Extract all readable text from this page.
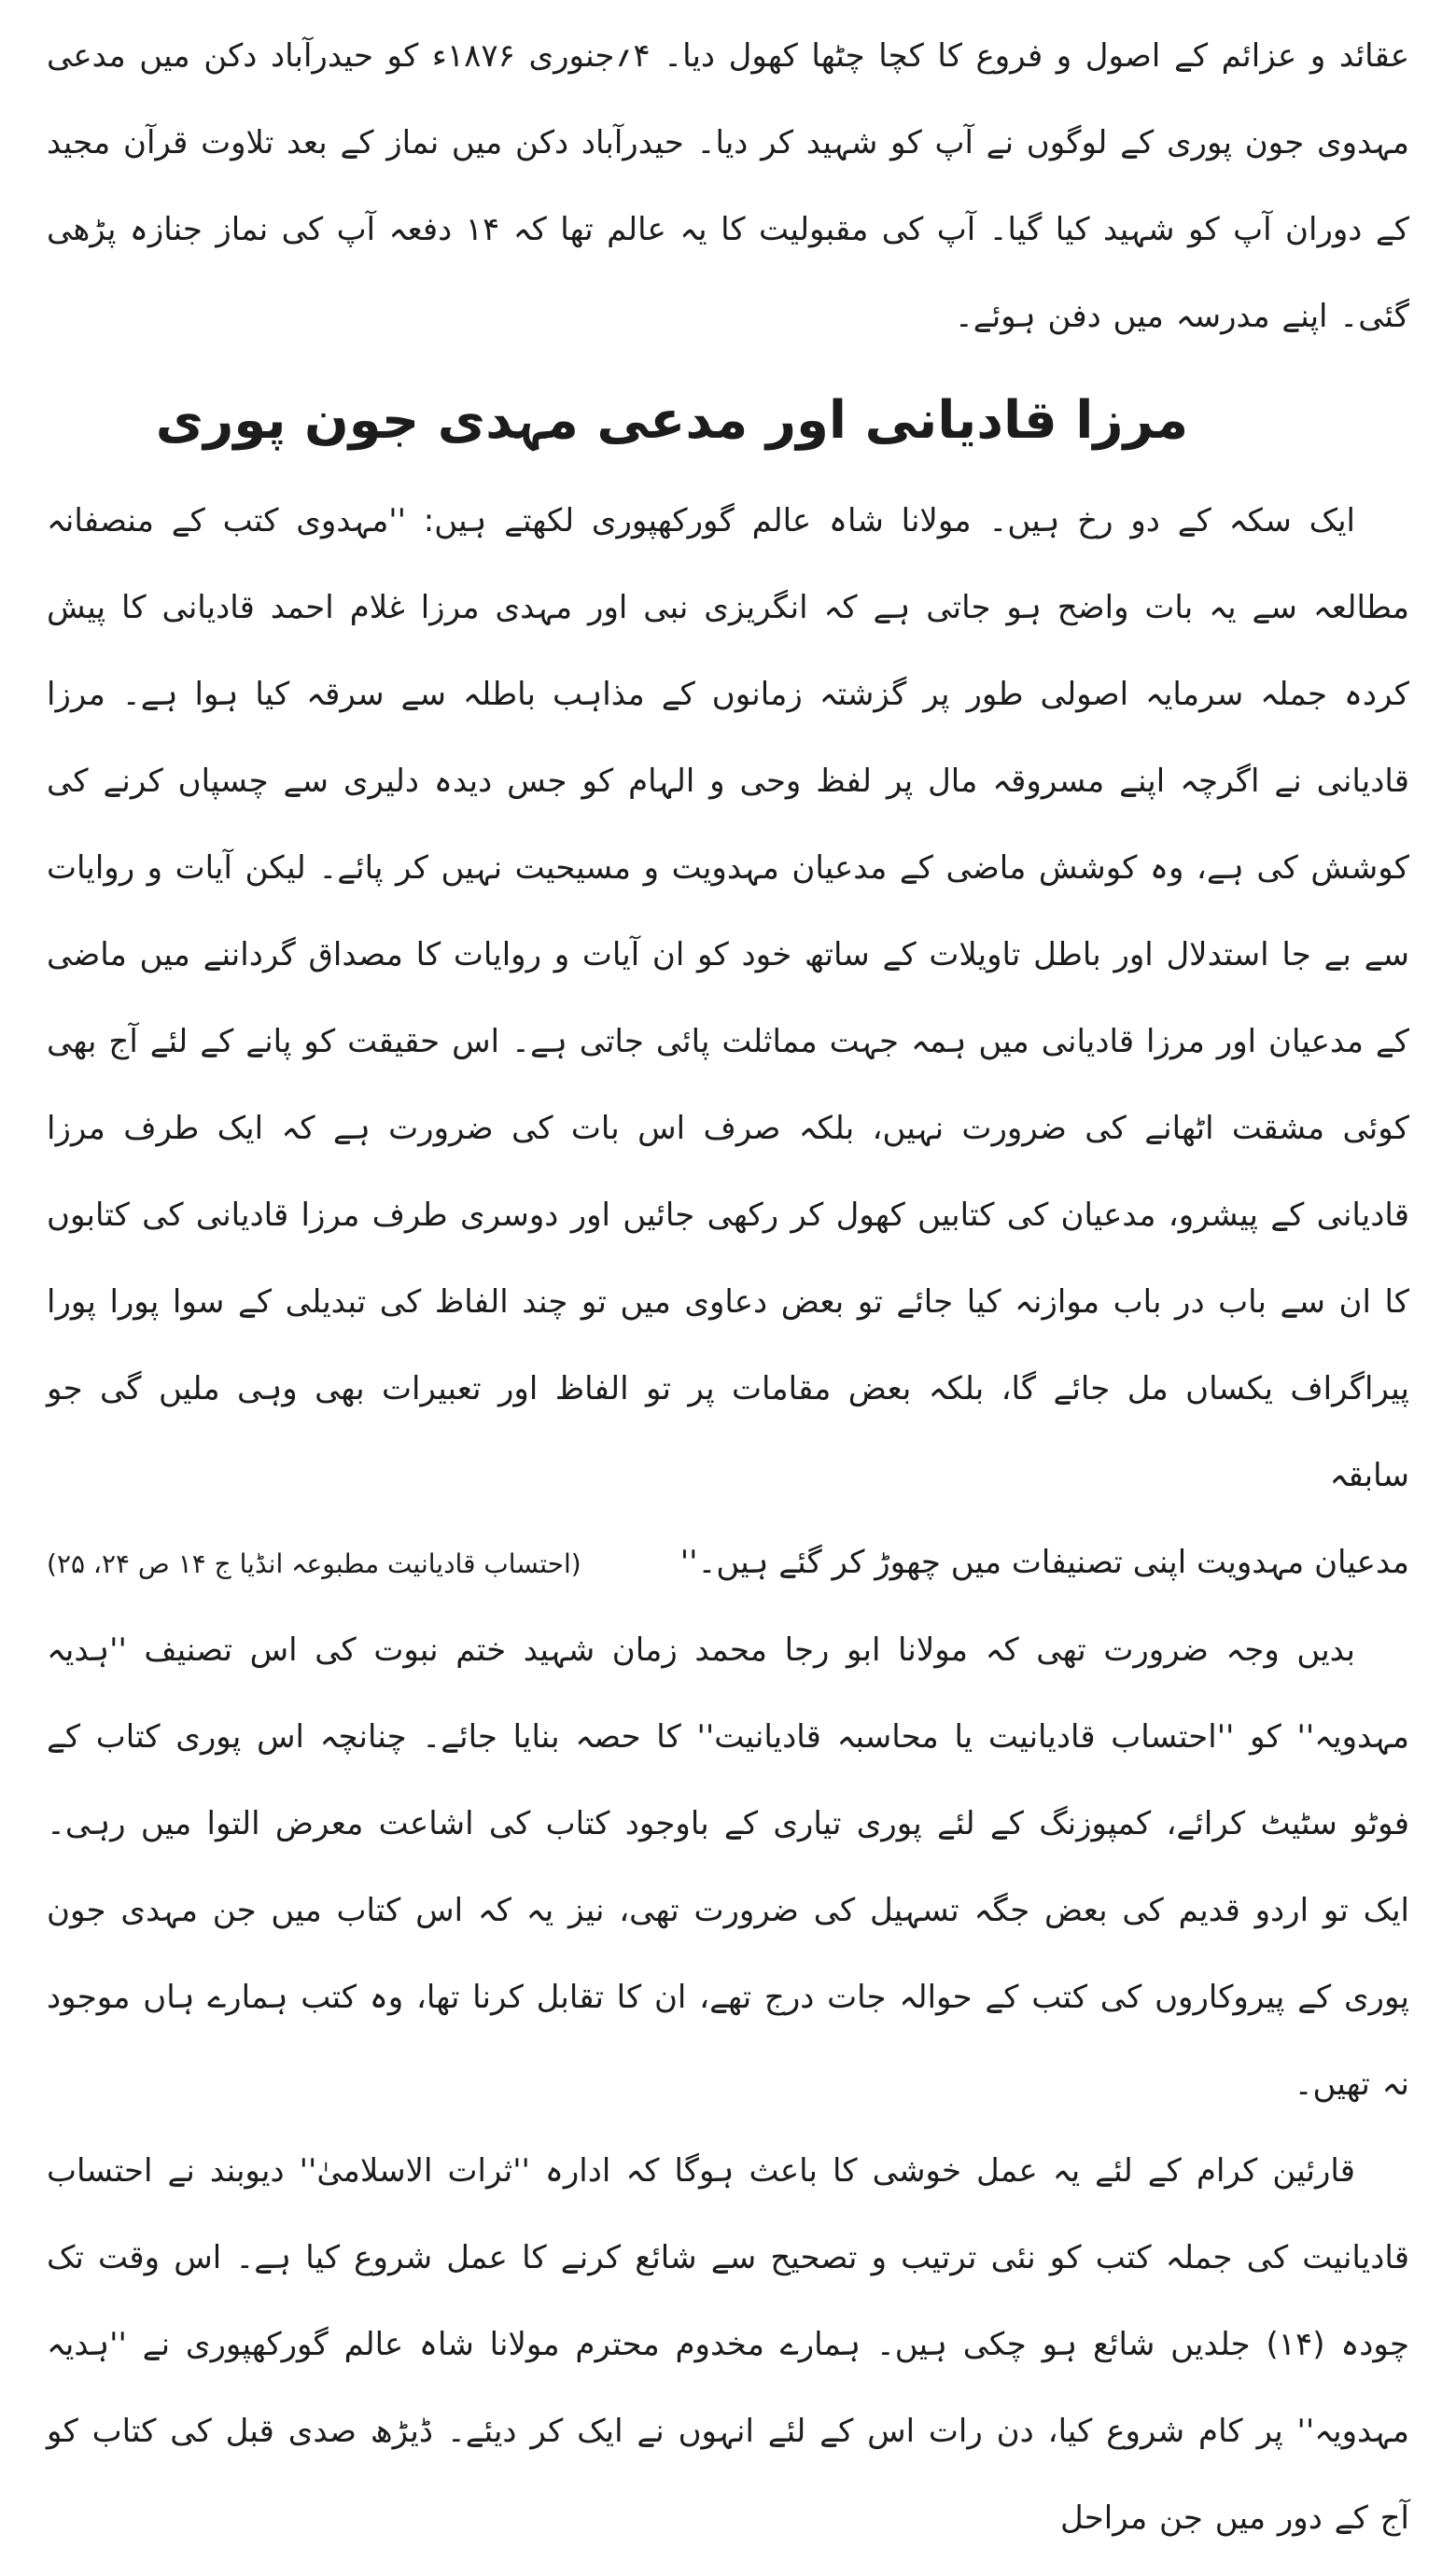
عقائد و عزائم کے اصول و فروع کا کچا چٹھا کھول دیا۔ ۴؍جنوری ۱۸۷۶ء کو حیدرآباد دکن میں مدعی مہدوی جون پوری کے لوگوں نے آپ کو شہید کر دیا۔ حیدرآباد دکن میں نماز کے بعد تلاوت قرآن مجید کے دوران آپ کو شہید کیا گیا۔ آپ کی مقبولیت کا یہ عالم تھا کہ ۱۴ دفعہ آپ کی نماز جنازہ پڑھی گئی۔ اپنے مدرسہ میں دفن ہوئے۔

مرزا قادیانی اور مدعی مہدی جون پوری

ایک سکہ کے دو رخ ہیں۔ مولانا شاہ عالم گورکھپوری لکھتے ہیں: ''مہدوی کتب کے منصفانہ مطالعہ سے یہ بات واضح ہو جاتی ہے کہ انگریزی نبی اور مہدی مرزا غلام احمد قادیانی کا پیش کردہ جملہ سرمایہ اصولی طور پر گزشتہ زمانوں کے مذاہب باطلہ سے سرقہ کیا ہوا ہے۔ مرزا قادیانی نے اگرچہ اپنے مسروقہ مال پر لفظ وحی و الہام کو جس دیدہ دلیری سے چسپاں کرنے کی کوشش کی ہے، وہ کوشش ماضی کے مدعیان مہدویت و مسیحیت نہیں کر پائے۔ لیکن آیات و روایات سے بے جا استدلال اور باطل تاویلات کے ساتھ خود کو ان آیات و روایات کا مصداق گرداننے میں ماضی کے مدعیان اور مرزا قادیانی میں ہمہ جہت مماثلت پائی جاتی ہے۔ اس حقیقت کو پانے کے لئے آج بھی کوئی مشقت اٹھانے کی ضرورت نہیں، بلکہ صرف اس بات کی ضرورت ہے کہ ایک طرف مرزا قادیانی کے پیشرو، مدعیان کی کتابیں کھول کر رکھی جائیں اور دوسری طرف مرزا قادیانی کی کتابوں کا ان سے باب در باب موازنہ کیا جائے تو بعض دعاوی میں تو چند الفاظ کی تبدیلی کے سوا پورا پورا پیراگراف یکساں مل جائے گا، بلکہ بعض مقامات پر تو الفاظ اور تعبیرات بھی وہی ملیں گی جو سابقہ

مدعیان مہدویت اپنی تصنیفات میں چھوڑ کر گئے ہیں۔''
(احتساب قادیانیت مطبوعہ انڈیا ج ۱۴ ص ۲۴، ۲۵)

بدیں وجہ ضرورت تھی کہ مولانا ابو رجا محمد زمان شہید ختم نبوت کی اس تصنیف ''ہدیہ مہدویہ'' کو ''احتساب قادیانیت یا محاسبہ قادیانیت'' کا حصہ بنایا جائے۔ چنانچہ اس پوری کتاب کے فوٹو سٹیٹ کرائے، کمپوزنگ کے لئے پوری تیاری کے باوجود کتاب کی اشاعت معرض التوا میں رہی۔ ایک تو اردو قدیم کی بعض جگہ تسہیل کی ضرورت تھی، نیز یہ کہ اس کتاب میں جن مہدی جون پوری کے پیروکاروں کی کتب کے حوالہ جات درج تھے، ان کا تقابل کرنا تھا، وہ کتب ہمارے ہاں موجود نہ تھیں۔

قارئین کرام کے لئے یہ عمل خوشی کا باعث ہوگا کہ ادارہ ''ثرات الاسلامیٰ'' دیوبند نے احتساب قادیانیت کی جملہ کتب کو نئی ترتیب و تصحیح سے شائع کرنے کا عمل شروع کیا ہے۔ اس وقت تک چودہ (۱۴) جلدیں شائع ہو چکی ہیں۔ ہمارے مخدوم محترم مولانا شاہ عالم گورکھپوری نے ''ہدیہ مہدویہ'' پر کام شروع کیا، دن رات اس کے لئے انہوں نے ایک کر دیئے۔ ڈیڑھ صدی قبل کی کتاب کو آج کے دور میں جن مراحل
